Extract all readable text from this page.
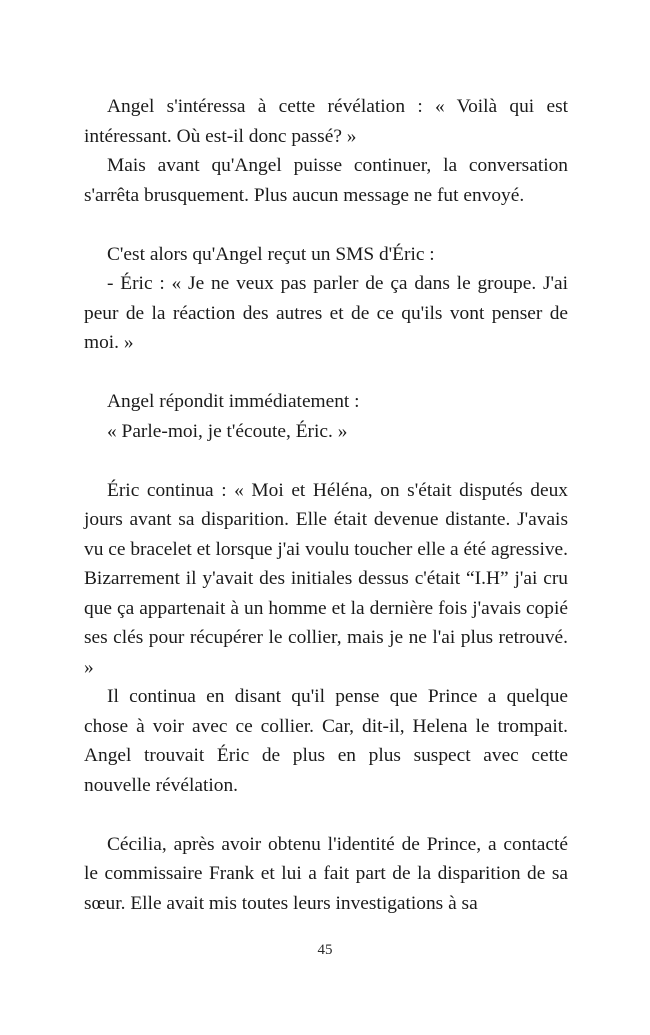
Angel s'intéressa à cette révélation : « Voilà qui est intéressant. Où est-il donc passé? »

Mais avant qu'Angel puisse continuer, la conversation s'arrêta brusquement. Plus aucun message ne fut envoyé.

C'est alors qu'Angel reçut un SMS d'Éric :

- Éric : « Je ne veux pas parler de ça dans le groupe. J'ai peur de la réaction des autres et de ce qu'ils vont penser de moi. »

Angel répondit immédiatement :

« Parle-moi, je t'écoute, Éric. »

Éric continua : « Moi et Héléna, on s'était disputés deux jours avant sa disparition. Elle était devenue distante. J'avais vu ce bracelet et lorsque j'ai voulu toucher elle a été agressive. Bizarrement il y'avait des initiales dessus c'était “I.H” j'ai cru que ça appartenait à un homme et la dernière fois j'avais copié ses clés pour récupérer le collier, mais je ne l'ai plus retrouvé. »

Il continua en disant qu'il pense que Prince a quelque chose à voir avec ce collier. Car, dit-il, Helena le trompait. Angel trouvait Éric de plus en plus suspect avec cette nouvelle révélation.

Cécilia, après avoir obtenu l'identité de Prince, a contacté le commissaire Frank et lui a fait part de la disparition de sa sœur. Elle avait mis toutes leurs investigations à sa

45
